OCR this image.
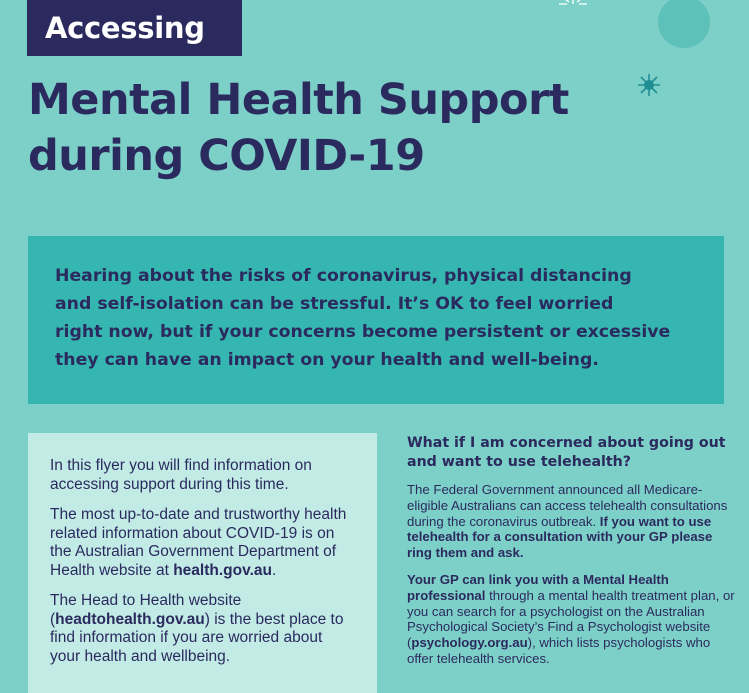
Accessing
Mental Health Support
during COVID-19

Hearing about the risks of coronavirus, physical distancing
and self-isolation can be stressful. It’s OK to feel worried
right now, but if your concerns become persistent or excessive
they can have an impact on your health and well-being.

In this flyer you will find information on accessing support during this time.

The most up-to-date and trustworthy health related information about COVID-19 is on the Australian Government Department of Health website at health.gov.au.

The Head to Health website (headtohealth.gov.au) is the best place to find information if you are worried about your health and wellbeing.

What if I am concerned about going out and want to use telehealth?

The Federal Government announced all Medicare-eligible Australians can access telehealth consultations during the coronavirus outbreak. If you want to use telehealth for a consultation with your GP please ring them and ask.

Your GP can link you with a Mental Health professional through a mental health treatment plan, or you can search for a psychologist on the Australian Psychological Society’s Find a Psychologist website (psychology.org.au), which lists psychologists who offer telehealth services.
